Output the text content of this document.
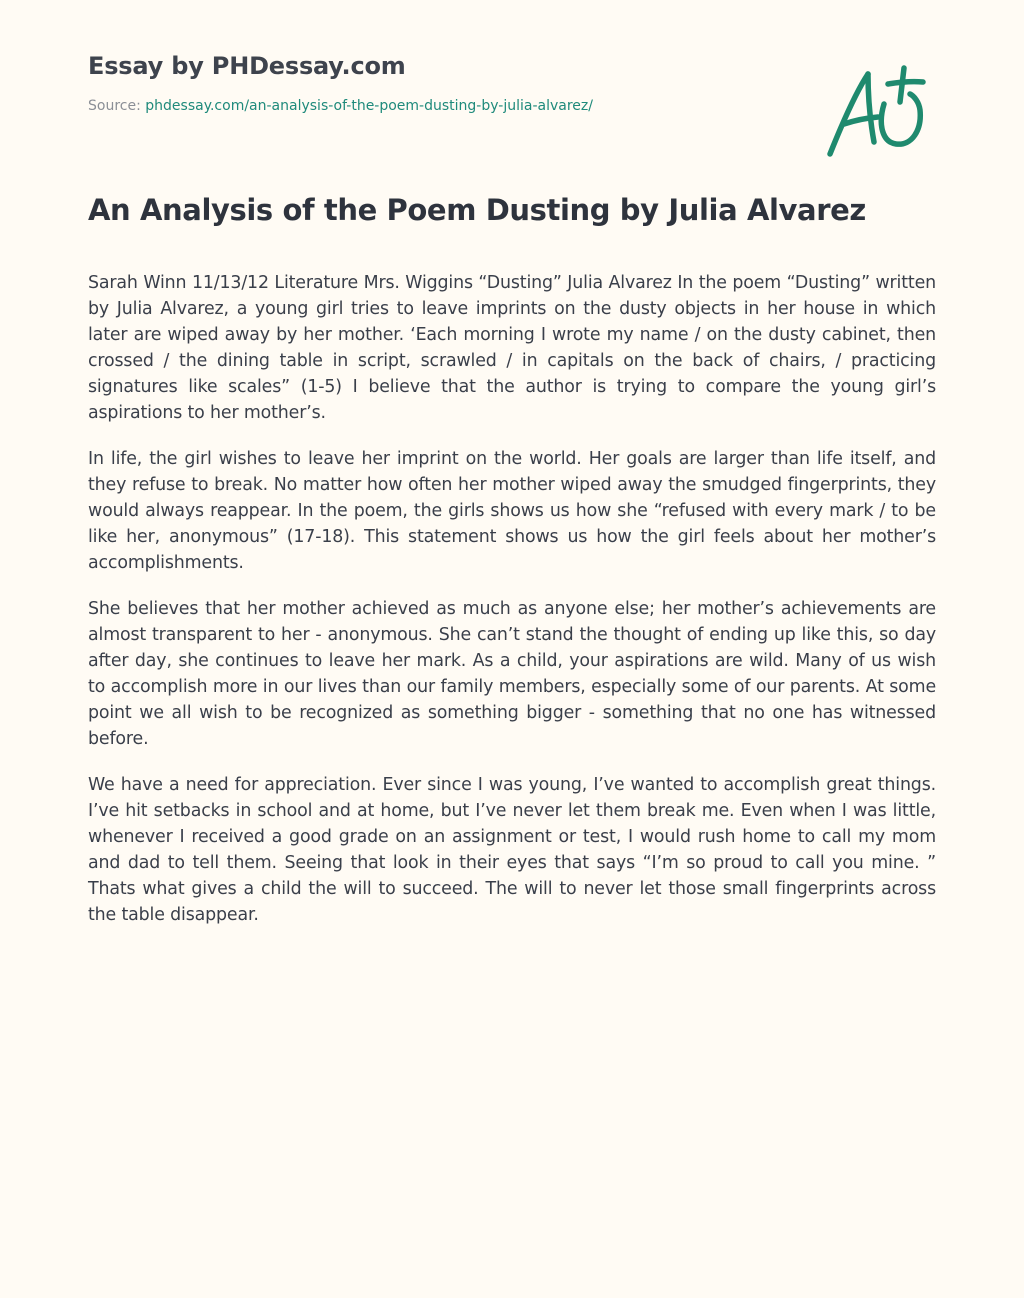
Essay by PHDessay.com
Source: phdessay.com/an-analysis-of-the-poem-dusting-by-julia-alvarez/
An Analysis of the Poem Dusting by Julia Alvarez

Sarah Winn 11/13/12 Literature Mrs. Wiggins “Dusting” Julia Alvarez In the poem “Dusting” written by Julia Alvarez, a young girl tries to leave imprints on the dusty objects in her house in which later are wiped away by her mother. ‘Each morning I wrote my name / on the dusty cabinet, then crossed / the dining table in script, scrawled / in capitals on the back of chairs, / practicing signatures like scales” (1-5) I believe that the author is trying to compare the young girl’s aspirations to her mother’s.

In life, the girl wishes to leave her imprint on the world. Her goals are larger than life itself, and they refuse to break. No matter how often her mother wiped away the smudged fingerprints, they would always reappear. In the poem, the girls shows us how she “refused with every mark / to be like her, anonymous” (17-18). This statement shows us how the girl feels about her mother’s accomplishments.

She believes that her mother achieved as much as anyone else; her mother’s achievements are almost transparent to her - anonymous. She can’t stand the thought of ending up like this, so day after day, she continues to leave her mark. As a child, your aspirations are wild. Many of us wish to accomplish more in our lives than our family members, especially some of our parents. At some point we all wish to be recognized as something bigger - something that no one has witnessed before.

We have a need for appreciation. Ever since I was young, I’ve wanted to accomplish great things. I’ve hit setbacks in school and at home, but I’ve never let them break me. Even when I was little, whenever I received a good grade on an assignment or test, I would rush home to call my mom and dad to tell them. Seeing that look in their eyes that says “I’m so proud to call you mine. ” Thats what gives a child the will to succeed. The will to never let those small fingerprints across the table disappear.
